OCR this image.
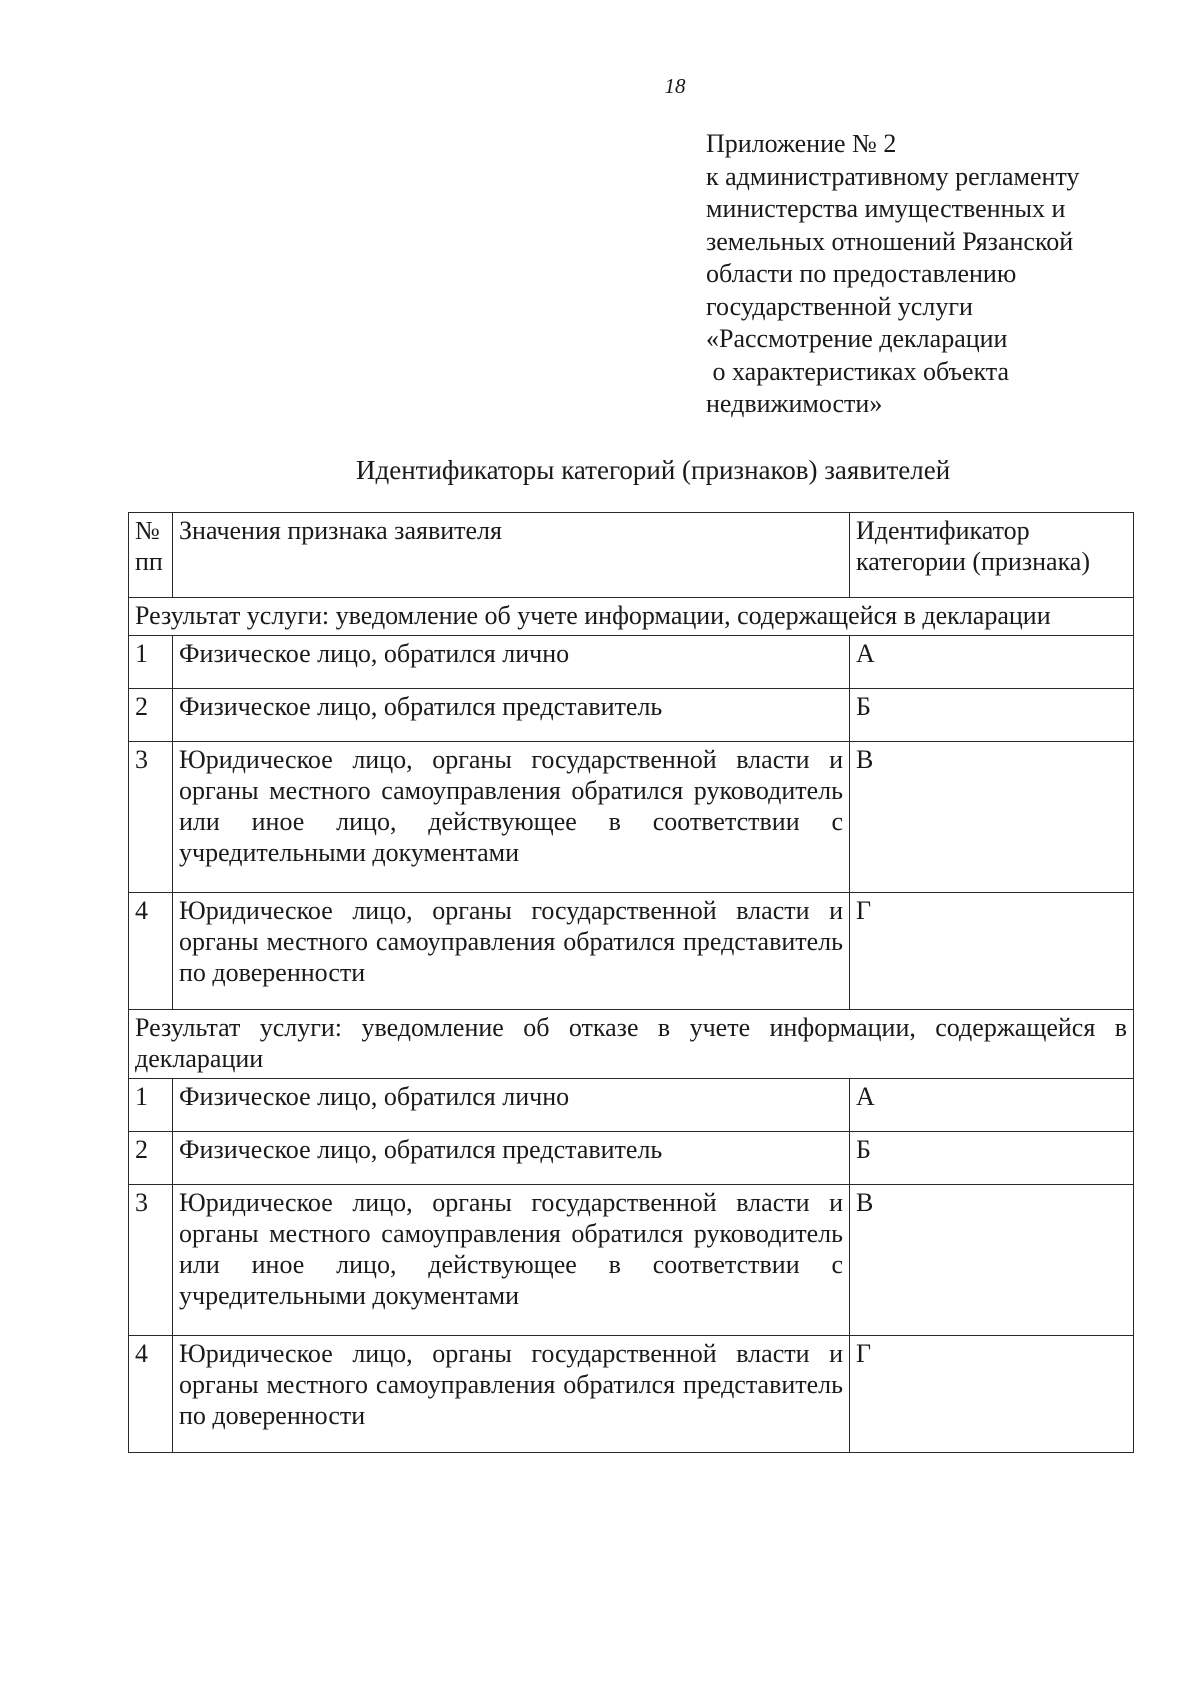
18
Приложение № 2
к административному регламенту
министерства имущественных и
земельных отношений Рязанской
области по предоставлению
государственной услуги
«Рассмотрение декларации
о характеристиках объекта
недвижимости»
Идентификаторы категорий (признаков) заявителей
№ пп	Значения признака заявителя	Идентификатор категории (признака)
Результат услуги: уведомление об учете информации, содержащейся в декларации		
1	Физическое лицо, обратился лично	А
2	Физическое лицо, обратился представитель	Б
3	Юридическое лицо, органы государственной власти и органы местного самоуправления обратился руководитель или иное лицо, действующее в соответствии с учредительными документами	В
4	Юридическое лицо, органы государственной власти и органы местного самоуправления обратился представитель по доверенности	Г
Результат услуги: уведомление об отказе в учете информации, содержащейся в декларации		
1	Физическое лицо, обратился лично	А
2	Физическое лицо, обратился представитель	Б
3	Юридическое лицо, органы государственной власти и органы местного самоуправления обратился руководитель или иное лицо, действующее в соответствии с учредительными документами	В
4	Юридическое лицо, органы государственной власти и органы местного самоуправления обратился представитель по доверенности	Г
